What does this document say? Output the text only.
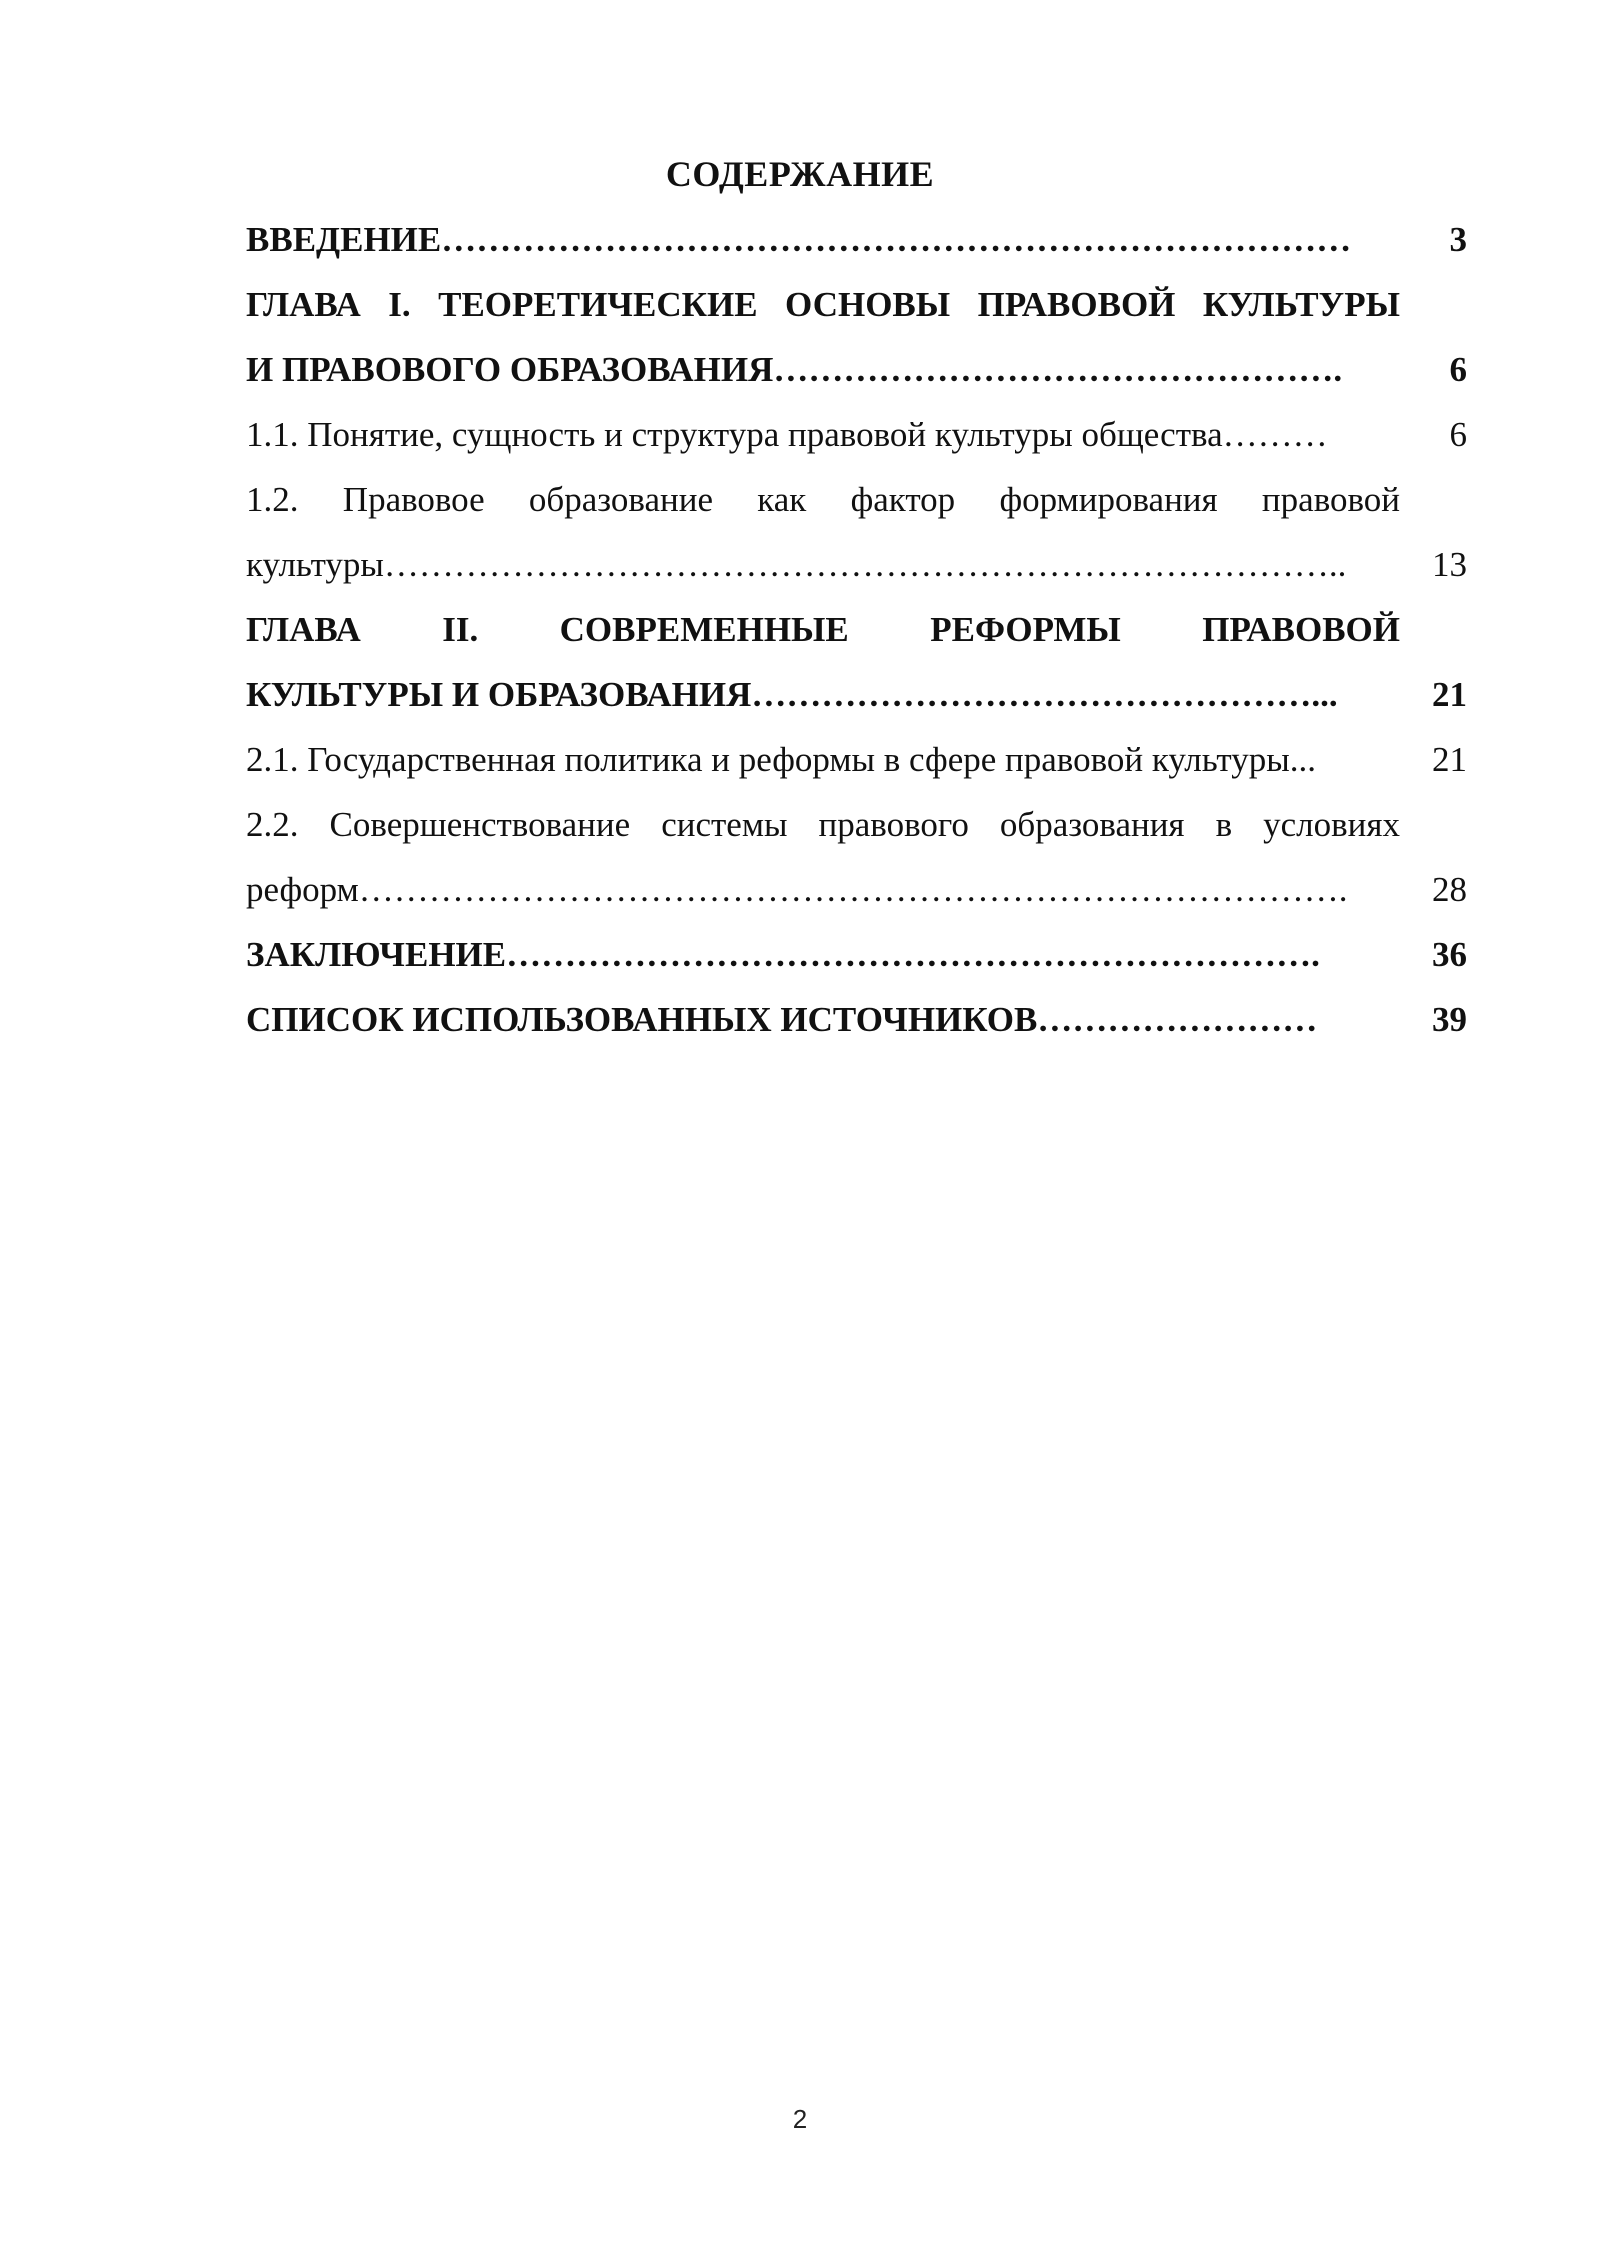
СОДЕРЖАНИЕ
ВВЕДЕНИЕ……………………………………………………………………	3
ГЛАВА I. ТЕОРЕТИЧЕСКИЕ ОСНОВЫ ПРАВОВОЙ КУЛЬТУРЫ
И ПРАВОВОГО ОБРАЗОВАНИЯ………………………………………….	6
1.1. Понятие, сущность и структура правовой культуры общества………	6
1.2. Правовое образование как фактор формирования правовой
культуры……………………………………………………………………….. 13
ГЛАВА II. СОВРЕМЕННЫЕ РЕФОРМЫ ПРАВОВОЙ
КУЛЬТУРЫ И ОБРАЗОВАНИЯ…………………………………………...	21
2.1. Государственная политика и реформы в сфере правовой культуры...	21
2.2. Совершенствование системы правового образования в условиях
реформ…………………………………………………………………………. 28
ЗАКЛЮЧЕНИЕ…………………………………………………………….	36
СПИСОК ИСПОЛЬЗОВАННЫХ ИСТОЧНИКОВ……………………	39
2
